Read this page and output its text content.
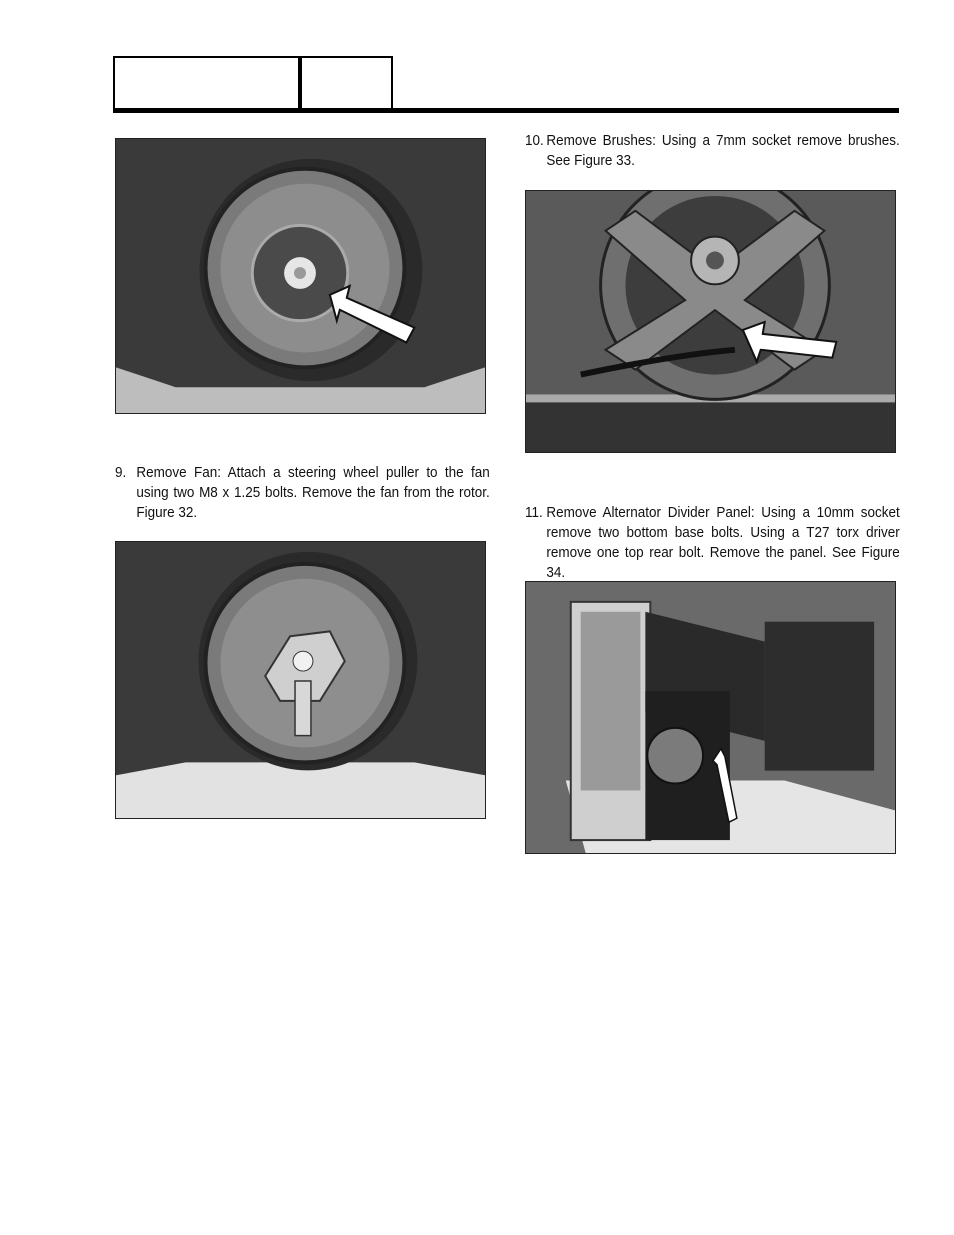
9. Remove Fan: Attach a steering wheel puller to the fan using two M8 x 1.25 bolts. Remove the fan from the rotor. Figure 32.
10. Remove Brushes: Using a 7mm socket remove brushes. See Figure 33.
11. Remove Alternator Divider Panel: Using a 10mm socket remove two bottom base bolts. Using a T27 torx driver remove one top rear bolt. Remove the panel. See Figure 34.
